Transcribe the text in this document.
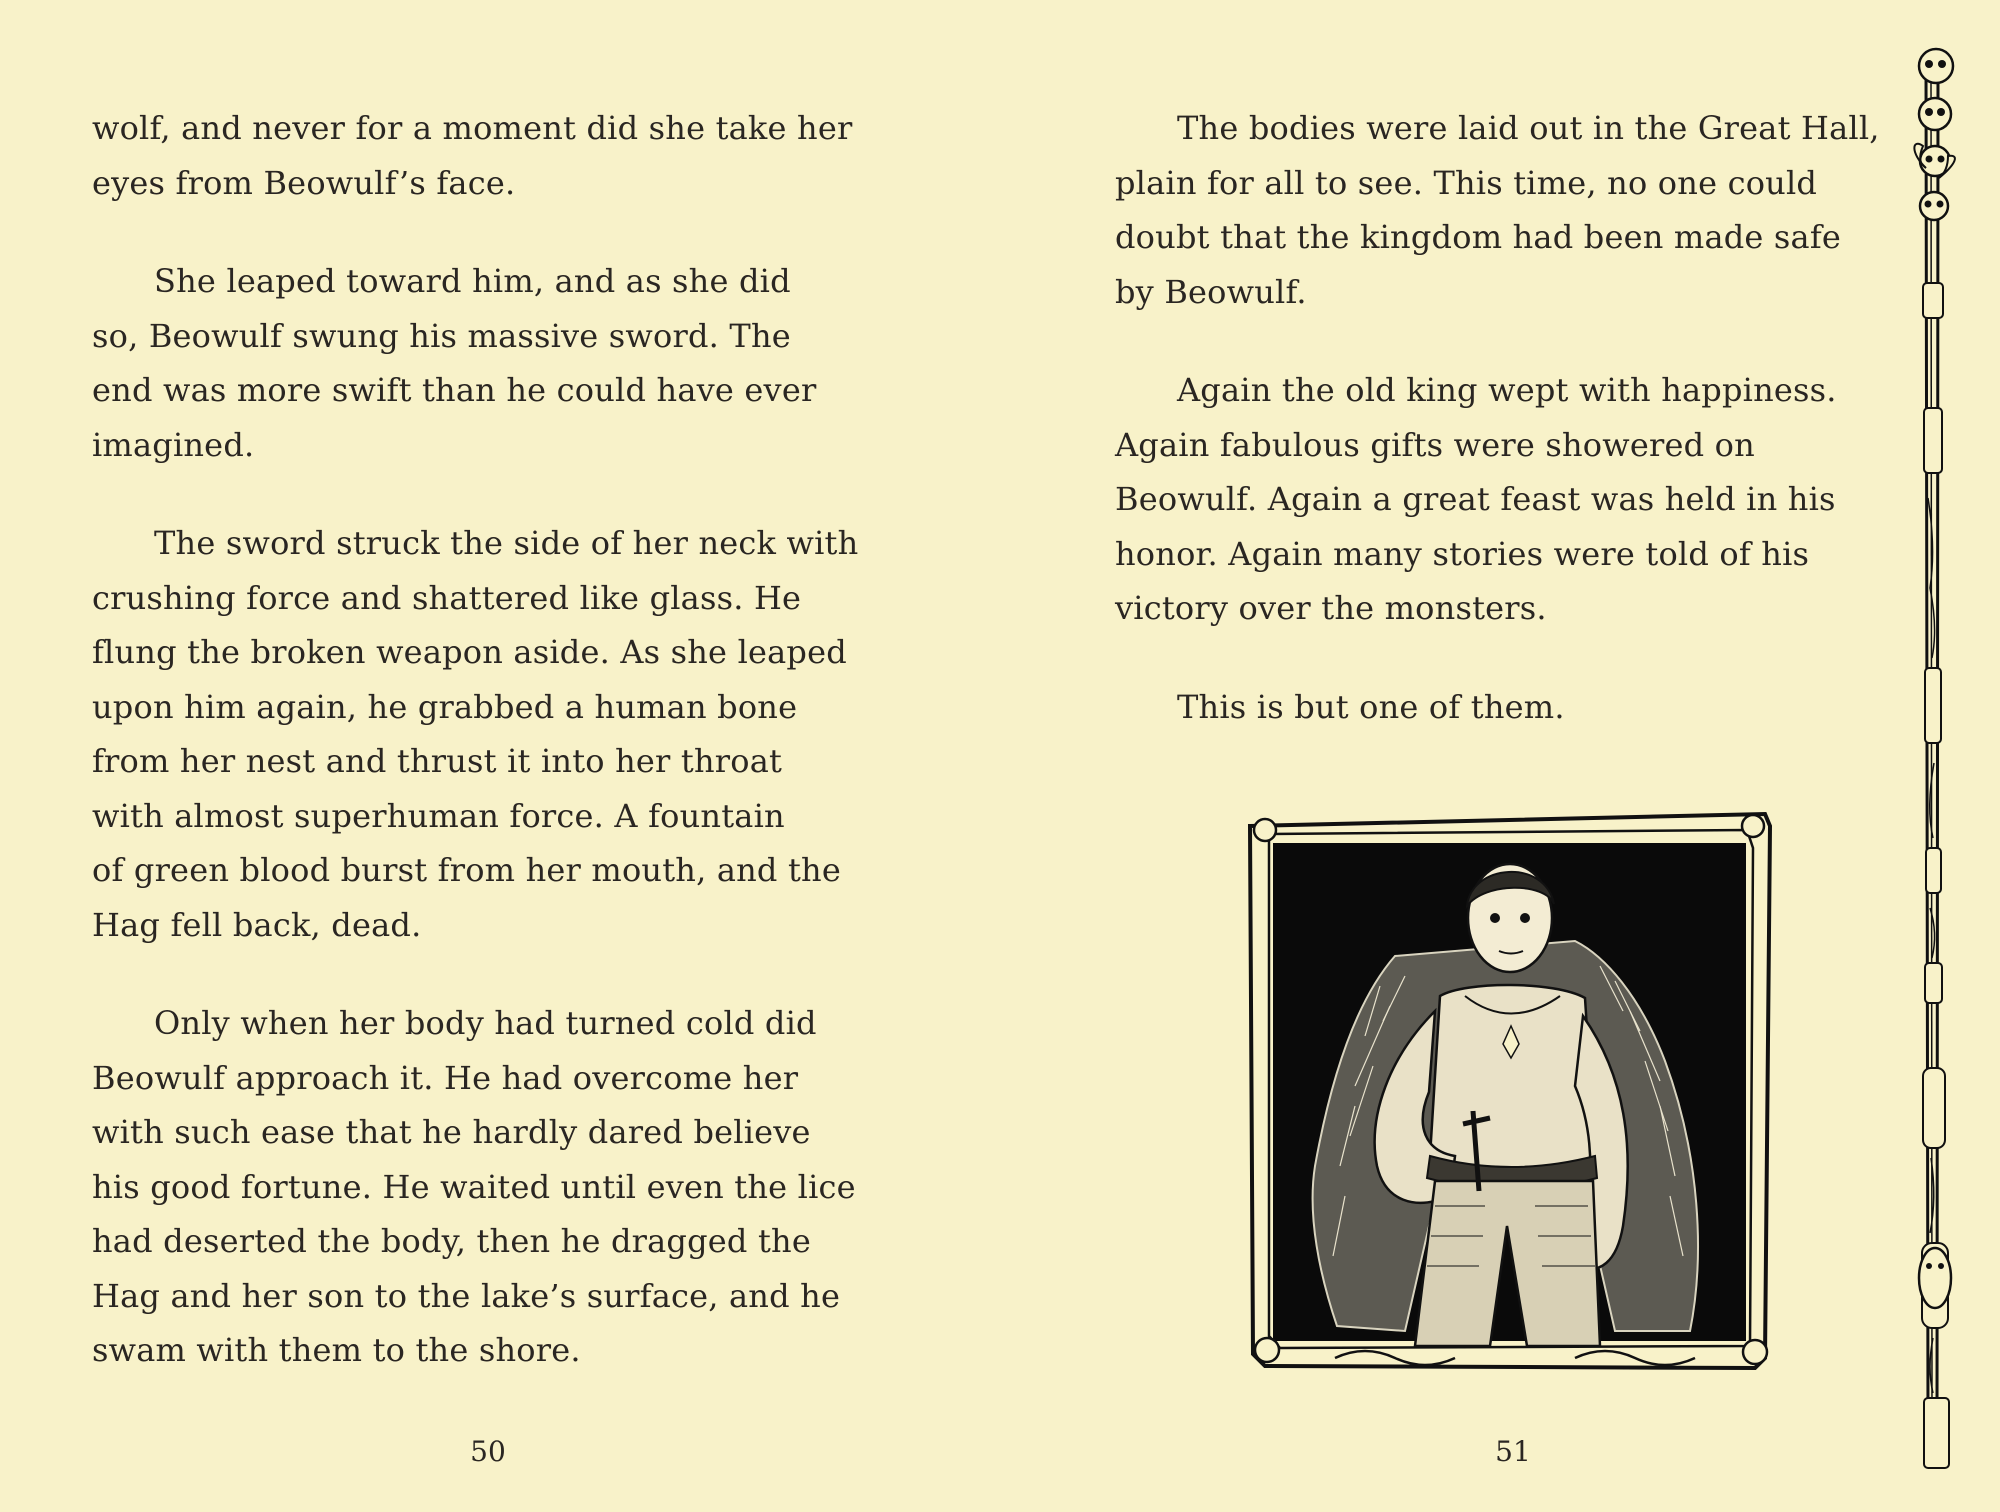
wolf, and never for a moment did she take her
eyes from Beowulf’s face.

She leaped toward him, and as she did
so, Beowulf swung his massive sword. The
end was more swift than he could have ever
imagined.

The sword struck the side of her neck with
crushing force and shattered like glass. He
flung the broken weapon aside. As she leaped
upon him again, he grabbed a human bone
from her nest and thrust it into her throat
with almost superhuman force. A fountain
of green blood burst from her mouth, and the
Hag fell back, dead.

Only when her body had turned cold did
Beowulf approach it. He had overcome her
with such ease that he hardly dared believe
his good fortune. He waited until even the lice
had deserted the body, then he dragged the
Hag and her son to the lake’s surface, and he
swam with them to the shore.

50

The bodies were laid out in the Great Hall,
plain for all to see. This time, no one could
doubt that the kingdom had been made safe
by Beowulf.

Again the old king wept with happiness.
Again fabulous gifts were showered on
Beowulf. Again a great feast was held in his
honor. Again many stories were told of his
victory over the monsters.

This is but one of them.

51
